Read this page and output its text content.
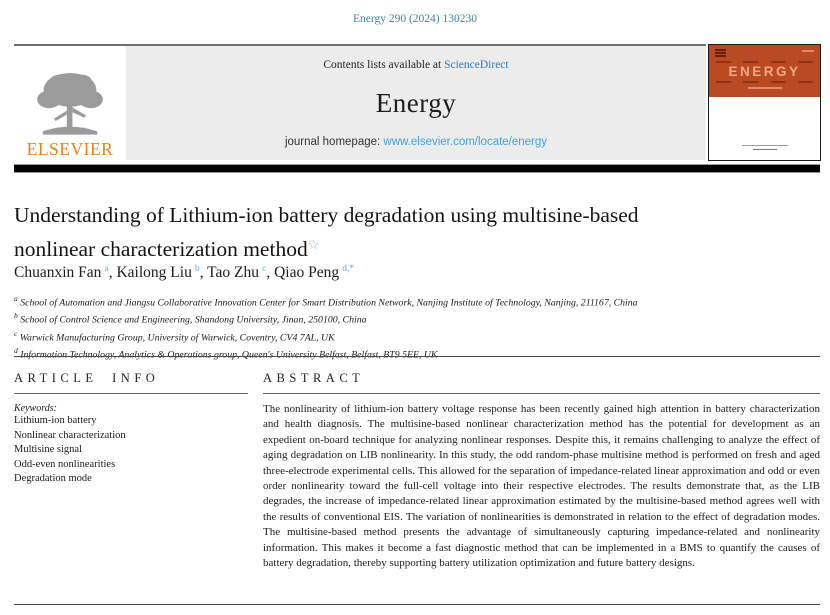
Energy 290 (2024) 130230
ELSEVIER
Contents lists available at ScienceDirect
Energy
journal homepage: www.elsevier.com/locate/energy
ENERGY
Understanding of Lithium-ion battery degradation using multisine-based
nonlinear characterization method☆
Chuanxin Fan  $^a$, Kailong Liu  $^b$, Tao Zhu  $^c$, Qiao Peng  $^{d,*}$
$^a$ School of Automation and Jiangsu Collaborative Innovation Center for Smart Distribution Network, Nanjing Institute of Technology, Nanjing, 211167, China
$^b$ School of Control Science and Engineering, Shandong University, Jinan, 250100, China
$^c$ Warwick Manufacturing Group, University of Warwick, Coventry, CV4 7AL, UK
$^d$
ARTICLE INFO
Keywords:
Lithium-ion battery
Nonlinear characterization
Multisine signal
Odd-even nonlinearities
Degradation mode
ABSTRACT
The nonlinearity of lithium-ion battery voltage response has been recently gained high attention in battery characterization and health diagnosis. The multisine-based nonlinear characterization method has the potential for development as an expedient on-board technique for analyzing nonlinear responses. Despite this, it remains challenging to analyze the effect of aging degradation on LIB nonlinearity. In this study, the odd random-phase multisine method is performed on fresh and aged three-electrode experimental cells. This allowed for the separation of impedance-related linear approximation and odd or even order nonlinearity toward the full-cell voltage into their respective electrodes. The results demonstrate that, as the LIB degrades, the increase of impedance-related linear approximation estimated by the multisine-based method agrees well with the results of conventional EIS. The variation of nonlinearities is demonstrated in relation to the effect of degradation modes. The multisine-based method presents the advantage of simultaneously capturing impedance-related and nonlinearity information. This makes it become a fast diagnostic method that can be implemented in a BMS to quantify the causes of battery degradation, thereby supporting battery utilization optimization and future battery designs.
